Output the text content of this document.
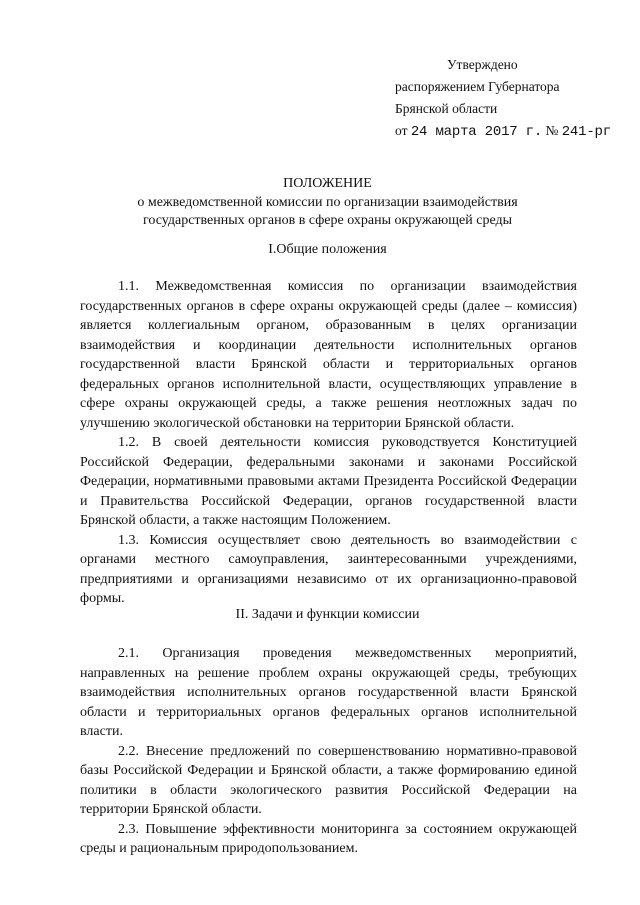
Утверждено
распоряжением Губернатора
Брянской области
от 24 марта 2017 г. № 241-рг
ПОЛОЖЕНИЕ
о межведомственной комиссии по организации взаимодействия
государственных органов в сфере охраны окружающей среды
I.Общие положения

1.1. Межведомственная комиссия по организации взаимодействия государственных органов в сфере охраны окружающей среды (далее – комиссия) является коллегиальным органом, образованным в целях организации взаимодействия и координации деятельности исполнительных органов государственной власти Брянской области и территориальных органов федеральных органов исполнительной власти, осуществляющих управление в сфере охраны окружающей среды, а также решения неотложных задач по улучшению экологической обстановки на территории Брянской области.

1.2. В своей деятельности комиссия руководствуется Конституцией Российской Федерации, федеральными законами и законами Российской Федерации, нормативными правовыми актами Президента Российской Федерации и Правительства Российской Федерации, органов государственной власти Брянской области, а также настоящим Положением.

1.3. Комиссия осуществляет свою деятельность во взаимодействии с органами местного самоуправления, заинтересованными учреждениями, предприятиями и организациями независимо от их организационно-правовой формы.

II. Задачи и функции комиссии

2.1. Организация проведения межведомственных мероприятий, направленных на решение проблем охраны окружающей среды, требующих взаимодействия исполнительных органов государственной власти Брянской области и территориальных органов федеральных органов исполнительной власти.

2.2. Внесение предложений по совершенствованию нормативно-правовой базы Российской Федерации и Брянской области, а также формированию единой политики в области экологического развития Российской Федерации на территории Брянской области.

2.3. Повышение эффективности мониторинга за состоянием окружающей среды и рациональным природопользованием.
